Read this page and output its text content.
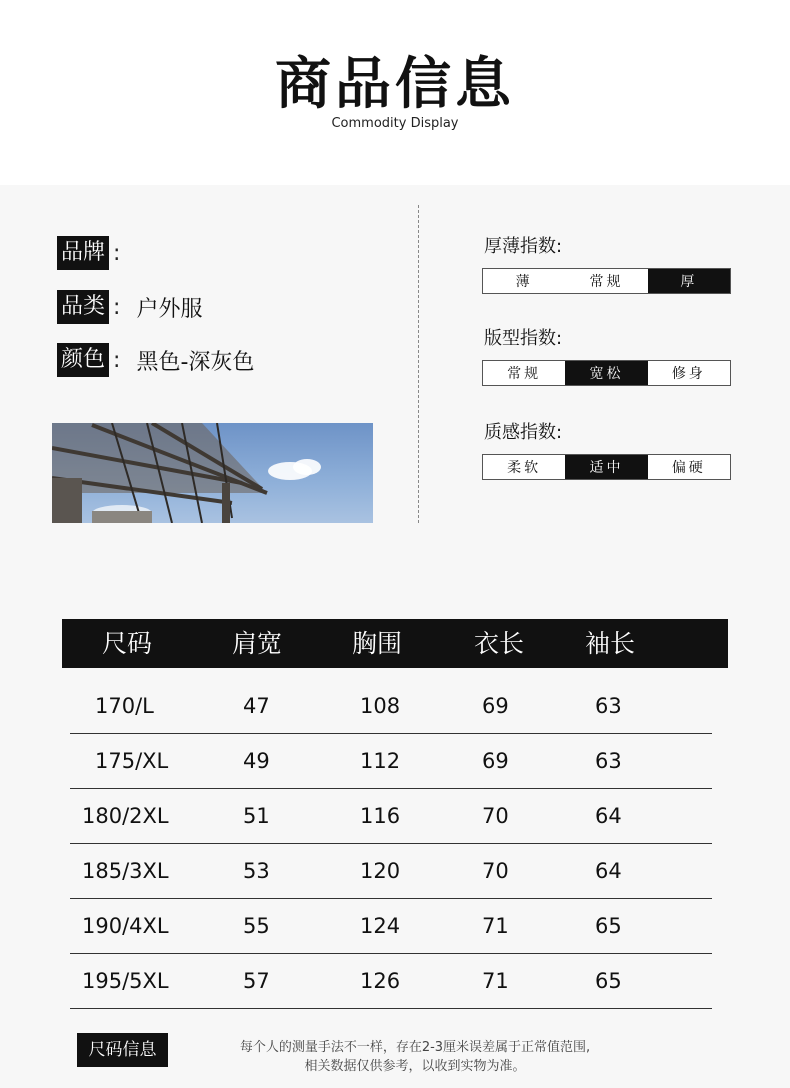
商品信息
Commodity Display
品牌 :
品类 : 户外服
颜色 : 黑色-深灰色
厚薄指数:
薄	常规	厚
版型指数:
常规	宽松	修身
质感指数:
柔软	适中	偏硬
尺码	肩宽	胸围	衣长 袖长
170/L	47	108	69	63
175/XL	49	112	69	63
180/2XL	51	116	70	64
185/3XL	53	120	70	64
190/4XL	55	124	71	65
195/5XL	57	126	71	65
尺码信息	每个人的测量手法不一样，存在2-3厘米误差属于正常值范围,
相关数据仅供参考，以收到实物为准。
